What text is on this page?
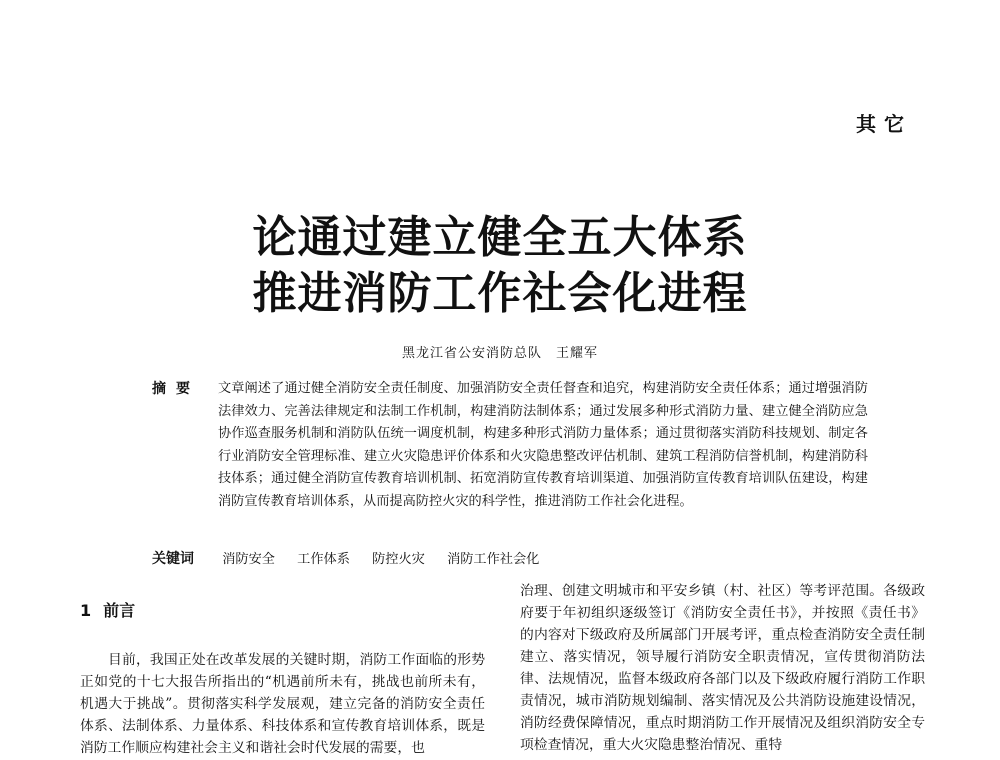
其它
论通过建立健全五大体系
推进消防工作社会化进程
黑龙江省公安消防总队　王耀军
摘要 文章阐述了通过健全消防安全责任制度、加强消防安全责任督查和追究，构建消防安全责任体系；通过增强消防法律效力、完善法律规定和法制工作机制，构建消防法制体系；通过发展多种形式消防力量、建立健全消防应急协作巡查服务机制和消防队伍统一调度机制，构建多种形式消防力量体系；通过贯彻落实消防科技规划、制定各行业消防安全管理标准、建立火灾隐患评价体系和火灾隐患整改评估机制、建筑工程消防信誉机制，构建消防科技体系；通过健全消防宣传教育培训机制、拓宽消防宣传教育培训渠道、加强消防宣传教育培训队伍建设，构建消防宣传教育培训体系，从而提高防控火灾的科学性，推进消防工作社会化进程。
关键词 消防安全 工作体系 防控火灾 消防工作社会化
1 前言

目前，我国正处在改革发展的关键时期，消防工作面临的形势正如党的十七大报告所指出的“机遇前所未有，挑战也前所未有，机遇大于挑战”。贯彻落实科学发展观，建立完备的消防安全责任体系、法制体系、力量体系、科技体系和宣传教育培训体系，既是消防工作顺应构建社会主义和谐社会时代发展的需要，也

治理、创建文明城市和平安乡镇（村、社区）等考评范围。各级政府要于年初组织逐级签订《消防安全责任书》，并按照《责任书》的内容对下级政府及所属部门开展考评，重点检查消防安全责任制建立、落实情况，领导履行消防安全职责情况，宣传贯彻消防法律、法规情况，监督本级政府各部门以及下级政府履行消防工作职责情况，城市消防规划编制、落实情况及公共消防设施建设情况，消防经费保障情况，重点时期消防工作开展情况及组织消防安全专项检查情况，重大火灾隐患整治情况、重特
